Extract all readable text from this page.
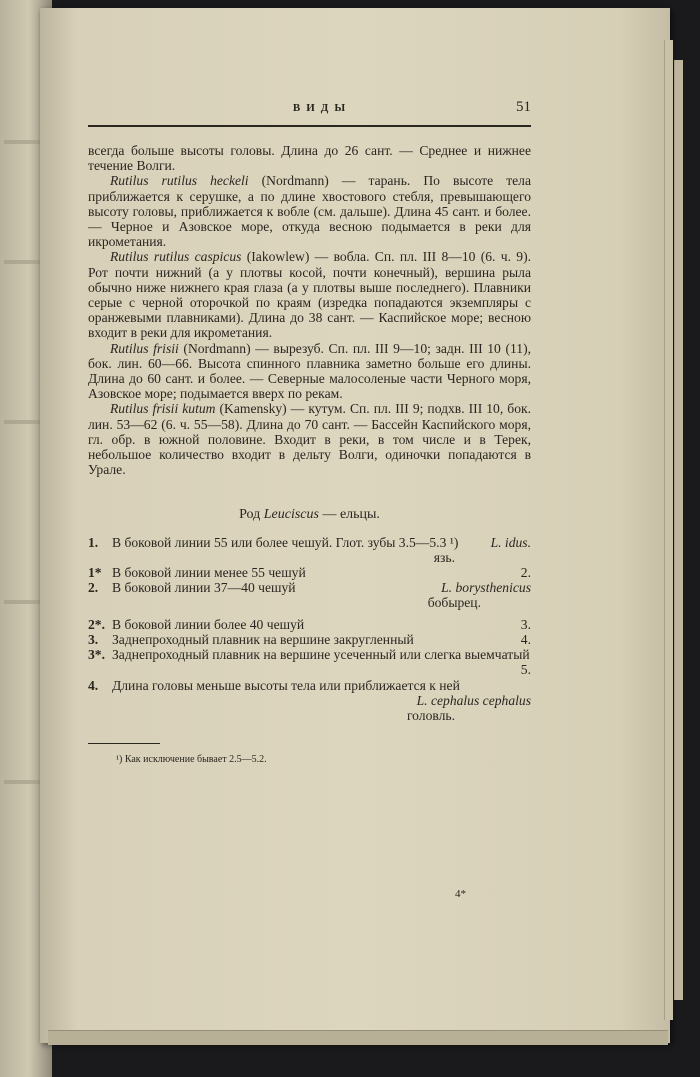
ВИДЫ	51

всегда больше высоты головы. Длина до 26 сант. — Среднее и нижнее течение Волги.

Rutilus rutilus heckeli (Nordmann) — тарань. По высоте тела приближается к серушке, а по длине хвостового стебля, превышающего высоту головы, приближается к вобле (см. дальше). Длина 45 сант. и более. — Черное и Азовское море, откуда весною подымается в реки для икрометания.

Rutilus rutilus caspicus (Iakowlew) — вобла. Сп. пл. III 8—10 (6. ч. 9). Рот почти нижний (а у плотвы косой, почти конечный), вершина рыла обычно ниже нижнего края глаза (а у плотвы выше последнего). Плавники серые с черной оторочкой по краям (изредка попадаются экземпляры с оранжевыми плавниками). Длина до 38 сант. — Каспийское море; весною входит в реки для икрометания.

Rutilus frisii (Nordmann) — вырезуб. Сп. пл. III 9—10; задн. III 10 (11), бок. лин. 60—66. Высота спинного плавника заметно больше его длины. Длина до 60 сант. и более. — Северные малосоленые части Черного моря, Азовское море; подымается вверх по рекам.

Rutilus frisii kutum (Kamensky) — кутум. Сп. пл. III 9; подхв. III 10, бок. лин. 53—62 (6. ч. 55—58). Длина до 70 сант. — Бассейн Каспийского моря, гл. обр. в южной половине. Входит в реки, в том числе и в Терек, небольшое количество входит в дельту Волги, одиночки попадаются в Урале.

Род Leuciscus — ельцы.
1.	В боковой линии 55 или более чешуй. Глот. зубы 3.5—5.3 ¹) L. idus.
язь.
1* В боковой линии менее 55 чешуй	2.
2.	В боковой линии 37—40 чешуй	L. borysthenicus
бобырец.
2*. В боковой линии более 40 чешуй	3.
3.	Заднепроходный плавник на вершине закругленный	4.
3*. Заднепроходный плавник на вершине усеченный или слегка выемчатый
5.
4.	Длина головы меньше высоты тела или приближается к ней
L. cephalus cephalus
головль.
¹) Как исключение бывает 2.5—5.2.
4*
